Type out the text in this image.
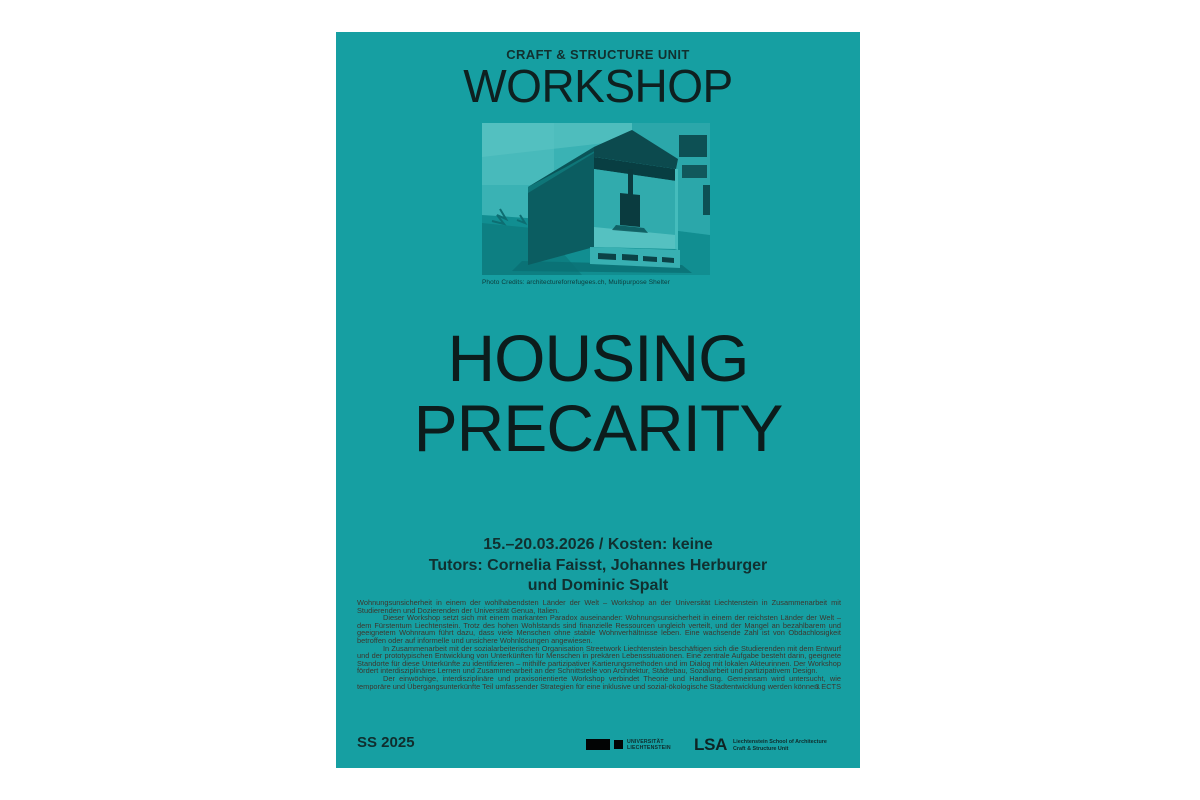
CRAFT & STRUCTURE UNIT
WORKSHOP
Photo Credits: architectureforrefugees.ch, Multipurpose Shelter
HOUSING
PRECARITY
15.–20.03.2026 / Kosten: keine
Tutors: Cornelia Faisst, Johannes Herburger
und Dominic Spalt

Wohnungsunsicherheit in einem der wohlhabendsten Länder der Welt – Workshop an der Universität Liechtenstein in Zusammenarbeit mit Studierenden und Dozierenden der Universität Genua, Italien.

Dieser Workshop setzt sich mit einem markanten Paradox auseinander: Wohnungsunsicherheit in einem der reichsten Länder der Welt – dem Fürstentum Liechtenstein. Trotz des hohen Wohlstands sind finanzielle Ressourcen ungleich verteilt, und der Mangel an bezahlbarem und geeignetem Wohnraum führt dazu, dass viele Menschen ohne stabile Wohnverhältnisse leben. Eine wachsende Zahl ist von Obdachlosigkeit betroffen oder auf informelle und unsichere Wohnlösungen angewiesen.

In Zusammenarbeit mit der sozialarbeiterischen Organisation Streetwork Liechtenstein beschäftigen sich die Studierenden mit dem Entwurf und der prototypischen Entwicklung von Unterkünften für Menschen in prekären Lebenssituationen. Eine zentrale Aufgabe besteht darin, geeignete Standorte für diese Unterkünfte zu identifizieren – mithilfe partizipativer Kartierungsmethoden und im Dialog mit lokalen Akteurinnen. Der Workshop fördert interdisziplinäres Lernen und Zusammenarbeit an der Schnittstelle von Architektur, Städtebau, Sozialarbeit und partizipativem Design.

Der einwöchige, interdisziplinäre und praxisorientierte Workshop verbindet Theorie und Handlung. Gemeinsam wird untersucht, wie temporäre und Übergangsunterkünfte Teil umfassender Strategien für eine inklusive und sozial-ökologische Stadtentwicklung werden können.

3 ECTS
SS 2025	UNIVERSITÄT
LIECHTENSTEIN LSA Liechtenstein School of Architecture
Craft & Structure Unit
